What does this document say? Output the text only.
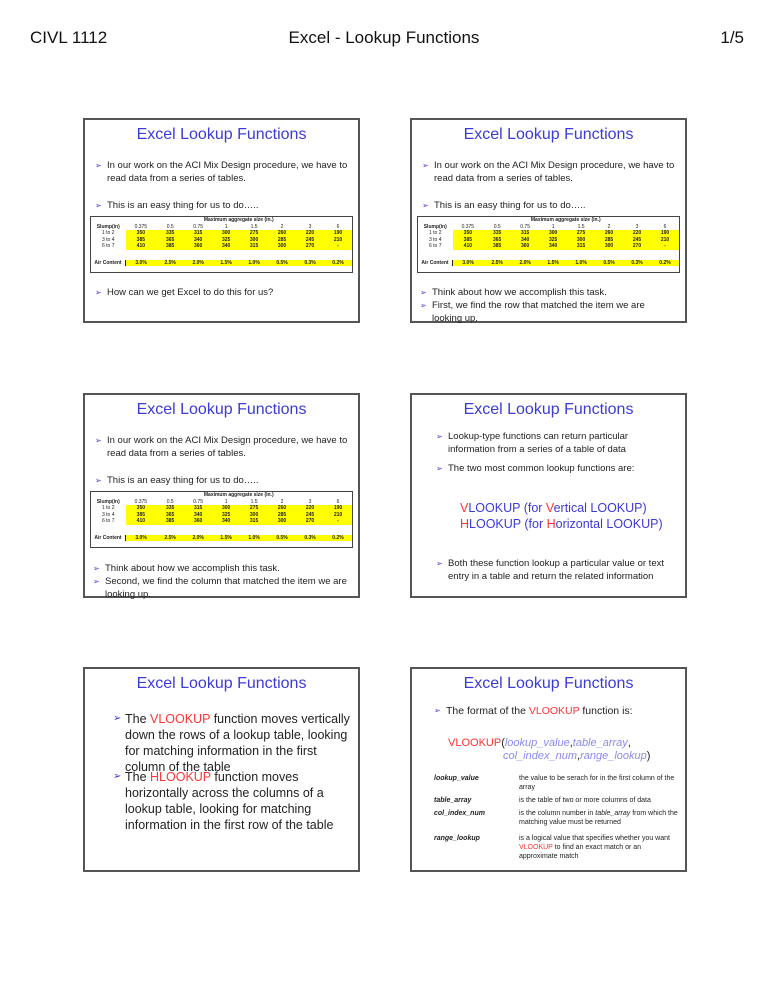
CIVL 1112	Excel - Lookup Functions	1/5
Excel Lookup Functions
➢ In our work on the ACI Mix Design procedure, we have to read data from a series of tables.
➢ This is an easy thing for us to do…..
	Maximum aggregate size (in.)							
Slump(in)	0.375	0.5	0.75	1	1.5	2	3	6
1 to 2	350	335	315	300	275	260	220	190
3 to 4	385	365	340	325	300	285	245	210
6 to 7	410	385	360	340	315	300	270	-

Air Content	3.0%	2.5%	2.0%	1.5%	1.0%	0.5%	0.3%	0.2%
➢ How can we get Excel to do this for us?
Excel Lookup Functions
➢ In our work on the ACI Mix Design procedure, we have to read data from a series of tables.
➢ This is an easy thing for us to do…..
	Maximum aggregate size (in.)							
Slump(in)	0.375	0.5	0.75	1	1.5	2	3	6
1 to 2	350	335	315	300	275	260	220	190
3 to 4	385	365	340	325	300	285	245	210
6 to 7	410	385	360	340	315	300	270	-

Air Content	3.0%	2.5%	2.0%	1.5%	1.0%	0.5%	0.3%	0.2%
➢ Think about how we accomplish this task.
➢ First, we find the row that matched the item we are looking up.
Excel Lookup Functions
➢ In our work on the ACI Mix Design procedure, we have to read data from a series of tables.
➢ This is an easy thing for us to do…..
	Maximum aggregate size (in.)							
Slump(in)	0.375	0.5	0.75	1	1.5	2	3	6
1 to 2	350	335	315	300	275	260	220	190
3 to 4	385	365	340	325	300	285	245	210
6 to 7	410	385	360	340	315	300	270	-

Air Content	3.0%	2.5%	2.0%	1.5%	1.0%	0.5%	0.3%	0.2%
➢ Think about how we accomplish this task.
➢ Second, we find the column that matched the item we are looking up.
Excel Lookup Functions
➢ Lookup-type functions can return particular information from a series of a table of data
➢ The two most common lookup functions are:
VLOOKUP (for Vertical LOOKUP)
HLOOKUP (for Horizontal LOOKUP)
➢ Both these function lookup a particular value or text entry in a table and return the related information
Excel Lookup Functions
➢ The VLOOKUP function moves vertically down the rows of a lookup table, looking for matching information in the first column of the table
➢ The HLOOKUP function moves horizontally across the columns of a lookup table, looking for matching information in the first row of the table
Excel Lookup Functions
➢ The format of the VLOOKUP function is:
VLOOKUP(lookup_value,table_array,
col_index_num,range_lookup)
lookup_value	the value to be serach for in the first column of the array
table_array	is the table of two or more columns of data
col_index_num	is the column number in table_array from which the matching value must be returned
range_lookup	is a logical value that specifies whether you want VLOOKUP to find an exact match or an approximate match
